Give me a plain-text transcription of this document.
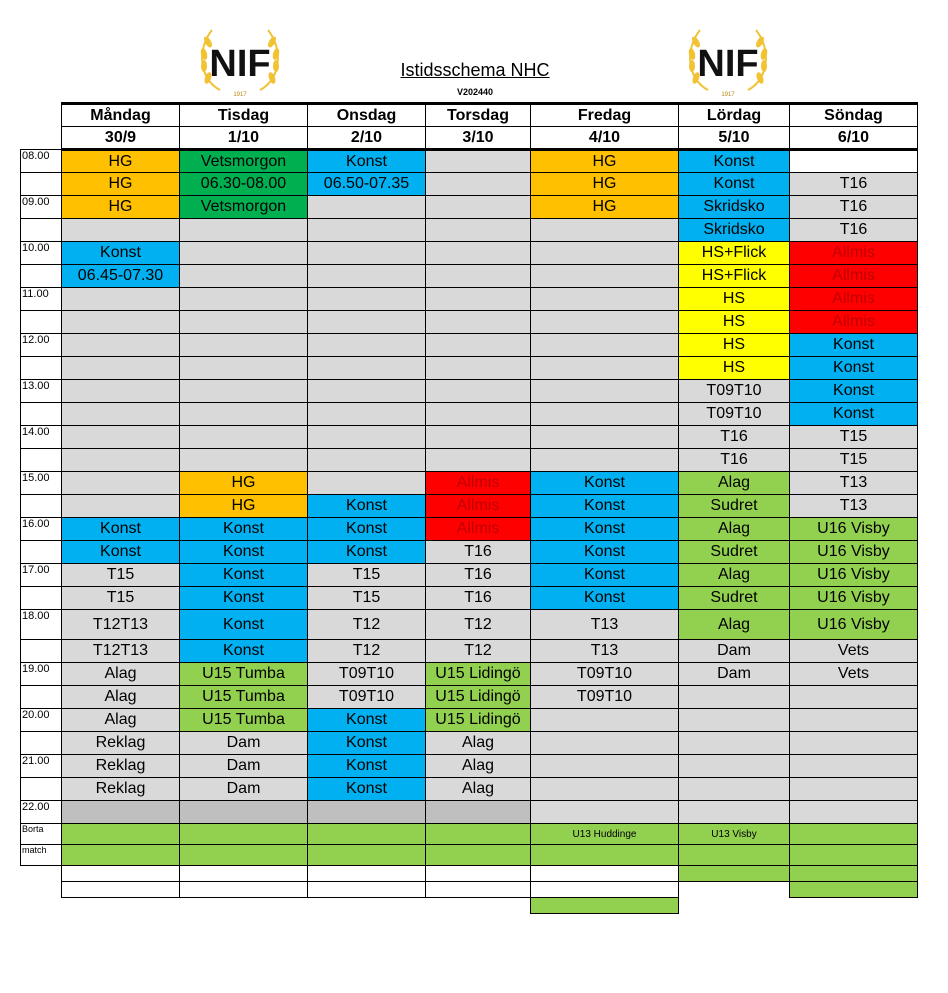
NIF
1917
NIF
1917
Istidsschema NHC
V202440
	Måndag	Tisdag	Onsdag	Torsdag	Fredag	Lördag	Söndag
	30/9	1/10	2/10	3/10	4/10	5/10	6/10
08.00	HG	Vetsmorgon	Konst		HG	Konst	
	HG	06.30-08.00	06.50-07.35		HG	Konst	T16
09.00	HG	Vetsmorgon			HG	Skridsko	T16
						Skridsko	T16
10.00	Konst					HS+Flick	Allmis
	06.45-07.30					HS+Flick	Allmis
11.00						HS	Allmis
						HS	Allmis
12.00						HS	Konst
						HS	Konst
13.00						T09T10	Konst
						T09T10	Konst
14.00						T16	T15
						T16	T15
15.00		HG		Allmis	Konst	Alag	T13
		HG	Konst	Allmis	Konst	Sudret	T13
16.00	Konst	Konst	Konst	Allmis	Konst	Alag	U16 Visby
	Konst	Konst	Konst	T16	Konst	Sudret	U16 Visby
17.00	T15	Konst	T15	T16	Konst	Alag	U16 Visby
	T15	Konst	T15	T16	Konst	Sudret	U16 Visby
18.00	T12T13	Konst	T12	T12	T13	Alag	U16 Visby
	T12T13	Konst	T12	T12	T13	Dam	Vets
19.00	Alag	U15 Tumba	T09T10	U15 Lidingö	T09T10	Dam	Vets
	Alag	U15 Tumba	T09T10	U15 Lidingö	T09T10		
20.00	Alag	U15 Tumba	Konst	U15 Lidingö			
	Reklag	Dam	Konst	Alag			
21.00	Reklag	Dam	Konst	Alag			
	Reklag	Dam	Konst	Alag			
22.00							
Borta					U13 Huddinge	U13 Visby	
match							
